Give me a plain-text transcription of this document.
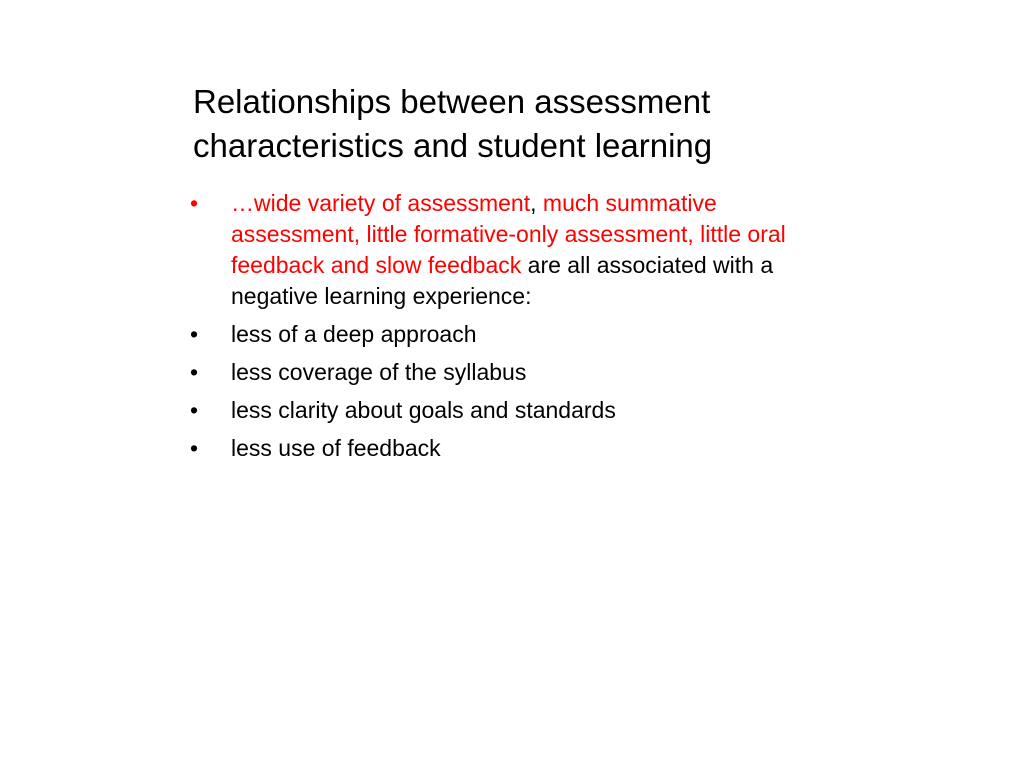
Relationships between assessment
characteristics and student learning
•	…wide variety of assessment, much summative
assessment, little formative-only assessment, little oral
feedback and slow feedback are all associated with a
negative learning experience:
•	less of a deep approach
•	less coverage of the syllabus
•	less clarity about goals and standards
•	less use of feedback
